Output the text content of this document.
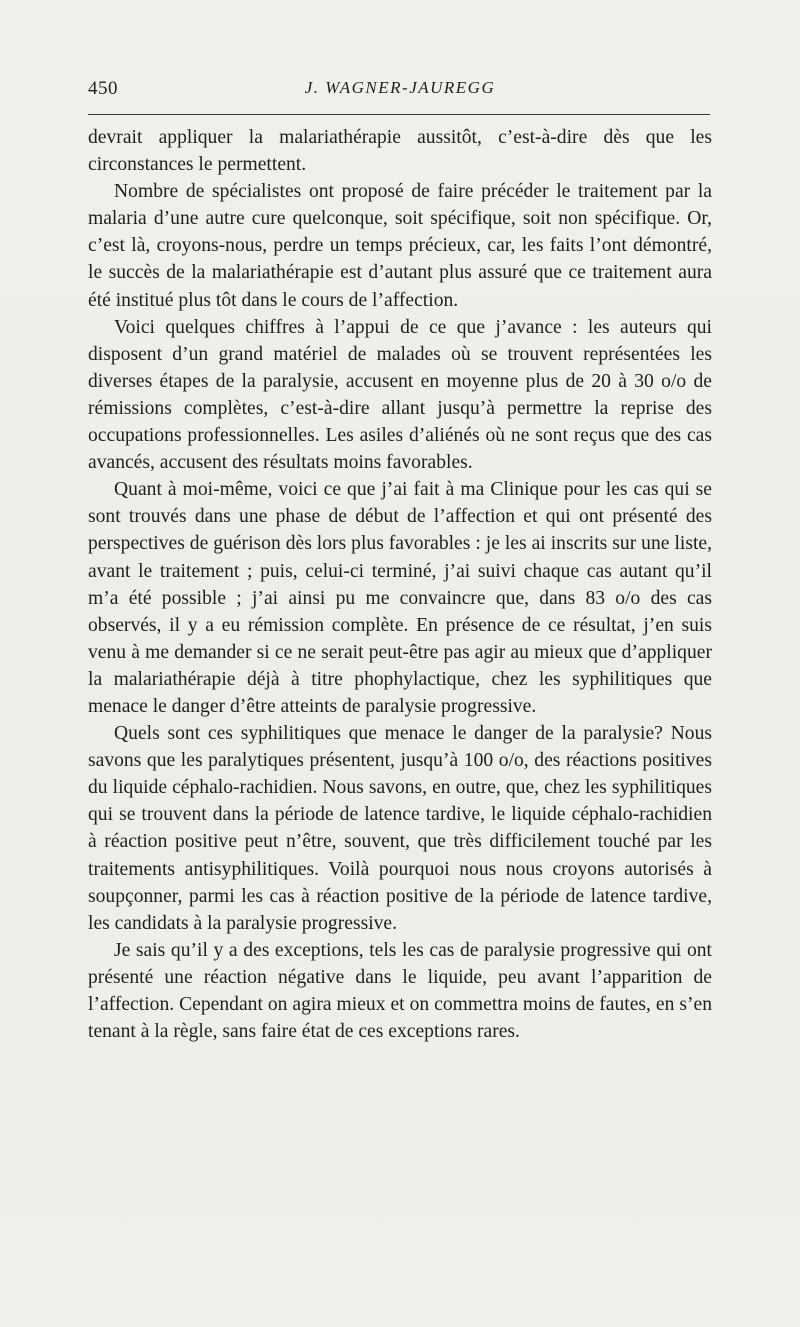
450	J. WAGNER-JAUREGG

devrait appliquer la malariathérapie aussitôt, c’est-à-dire dès que les circonstances le permettent.

Nombre de spécialistes ont proposé de faire précéder le traitement par la malaria d’une autre cure quelconque, soit spécifique, soit non spécifique. Or, c’est là, croyons-nous, perdre un temps précieux, car, les faits l’ont démontré, le succès de la malariathérapie est d’autant plus assuré que ce traitement aura été institué plus tôt dans le cours de l’affection.

Voici quelques chiffres à l’appui de ce que j’avance : les auteurs qui disposent d’un grand matériel de malades où se trouvent représentées les diverses étapes de la paralysie, accusent en moyenne plus de 20 à 30 o/o de rémissions complètes, c’est-à-dire allant jusqu’à permettre la reprise des occupations professionnelles. Les asiles d’aliénés où ne sont reçus que des cas avancés, accusent des résultats moins favorables.

Quant à moi-même, voici ce que j’ai fait à ma Clinique pour les cas qui se sont trouvés dans une phase de début de l’affection et qui ont présenté des perspectives de guérison dès lors plus favorables : je les ai inscrits sur une liste, avant le traitement ; puis, celui-ci terminé, j’ai suivi chaque cas autant qu’il m’a été possible ; j’ai ainsi pu me convaincre que, dans 83 o/o des cas observés, il y a eu rémission complète. En présence de ce résultat, j’en suis venu à me demander si ce ne serait peut-être pas agir au mieux que d’appliquer la malariathérapie déjà à titre phophylactique, chez les syphilitiques que menace le danger d’être atteints de paralysie progressive.

Quels sont ces syphilitiques que menace le danger de la paralysie? Nous savons que les paralytiques présentent, jusqu’à 100 o/o, des réactions positives du liquide céphalo-rachidien. Nous savons, en outre, que, chez les syphilitiques qui se trouvent dans la période de latence tardive, le liquide céphalo-rachidien à réaction positive peut n’être, souvent, que très difficilement touché par les traitements antisyphilitiques. Voilà pourquoi nous nous croyons autorisés à soupçonner, parmi les cas à réaction positive de la période de latence tardive, les candidats à la paralysie progressive.

Je sais qu’il y a des exceptions, tels les cas de paralysie progressive qui ont présenté une réaction négative dans le liquide, peu avant l’apparition de l’affection. Cependant on agira mieux et on commettra moins de fautes, en s’en tenant à la règle, sans faire état de ces exceptions rares.
